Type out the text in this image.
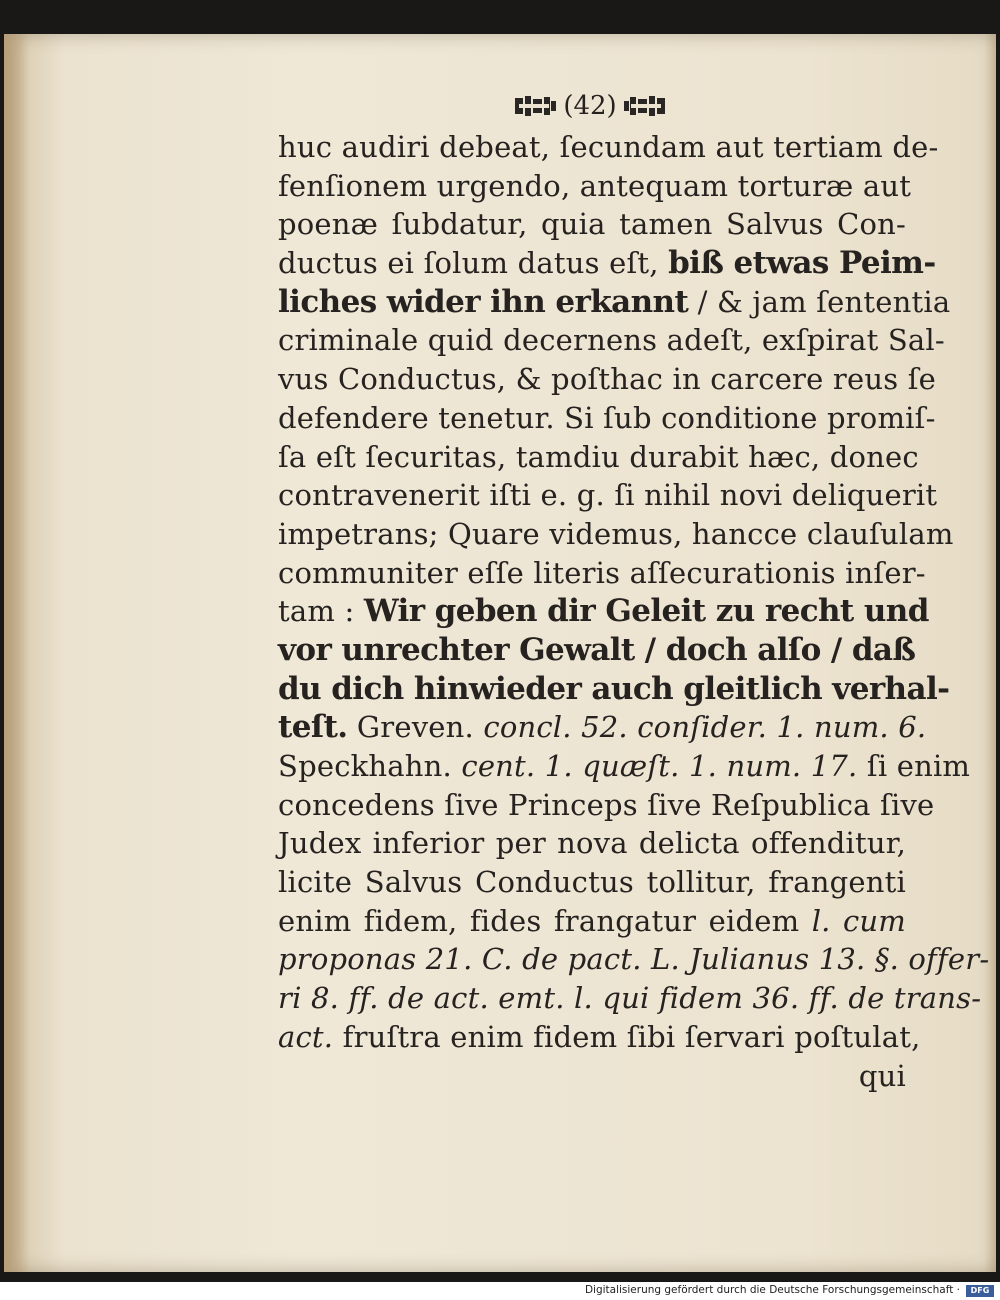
(42)
huc audiri debeat, ſecundam aut tertiam de-
fenſionem urgendo, antequam torturæ aut
poenæ ſubdatur, quia tamen Salvus Con-
ductus ei ſolum datus eſt, biß etwas Peim-
liches wider ihn erkannt / & jam ſententia
criminale quid decernens adeſt, exſpirat Sal-
vus Conductus, & poſthac in carcere reus ſe
defendere tenetur. Si ſub conditione promiſ-
ſa eſt ſecuritas, tamdiu durabit hæc, donec
contravenerit iſti e. g. ſi nihil novi deliquerit
impetrans; Quare videmus, hancce clauſulam
communiter eſſe literis aſſecurationis inſer-
tam : Wir geben dir Geleit zu recht und
vor unrechter Gewalt / doch alſo / daß
du dich hinwieder auch gleitlich verhal-
teſt. Greven. concl. 52. conſider. 1. num. 6.
Speckhahn. cent. 1. quæſt. 1. num. 17. ſi enim
concedens ſive Princeps ſive Reſpublica ſive
Judex inferior per nova delicta offenditur,
licite Salvus Conductus tollitur, frangenti
enim fidem, fides frangatur eidem l. cum
proponas 21. C. de pact. L. Julianus 13. §. offer-
ri 8. ff. de act. emt. l. qui fidem 36. ff. de trans-
act. fruſtra enim fidem ſibi ſervari poſtulat,
qui
Digitalisierung gefördert durch die Deutsche Forschungsgemeinschaft ·	DFG
